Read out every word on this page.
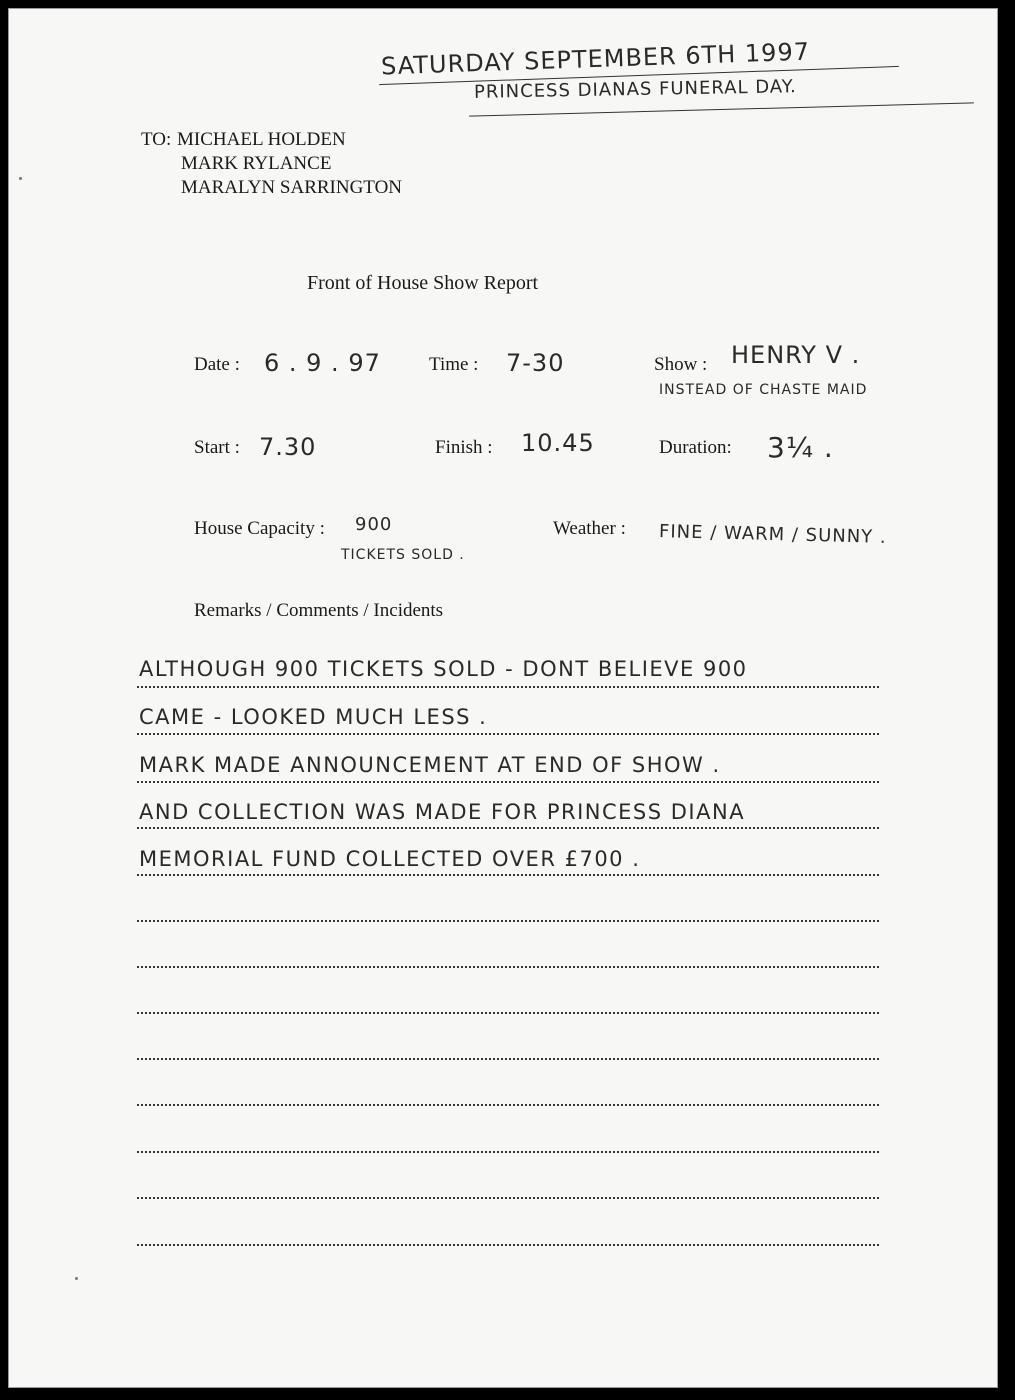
SATURDAY SEPTEMBER 6TH 1997
PRINCESS DIANAS FUNERAL DAY.
TO: MICHAEL HOLDEN
MARK RYLANCE
MARALYN SARRINGTON
Front of House Show Report
Date : 6 . 9 . 97	Time : 7-30	Show : HENRY V .
INSTEAD OF CHASTE MAID
Start : 7.30	Finish : 10.45	Duration: 3¼ .
House Capacity : 900
TICKETS SOLD .
Weather : FINE / WARM / SUNNY .
Remarks / Comments / Incidents
ALTHOUGH 900 TICKETS SOLD - DONT BELIEVE 900
CAME - LOOKED MUCH LESS .
MARK MADE ANNOUNCEMENT AT END OF SHOW .
AND COLLECTION WAS MADE FOR PRINCESS DIANA
MEMORIAL FUND COLLECTED OVER £700 .
